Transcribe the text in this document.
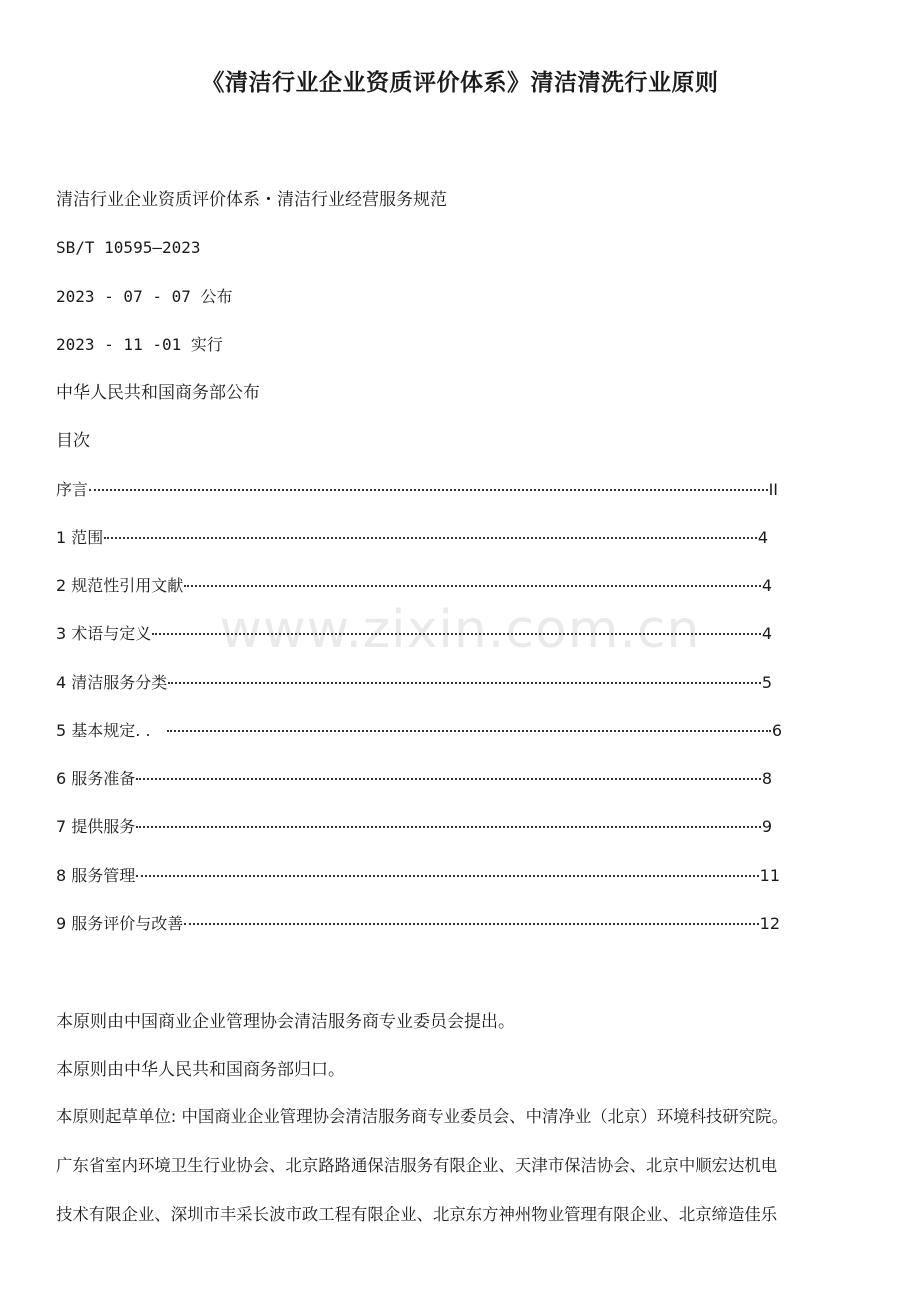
www.zixin.com.cn
《清洁行业企业资质评价体系》清洁清洗行业原则
清洁行业企业资质评价体系・清洁行业经营服务规范
SB/T 10595—2023
2023 - 07 - 07 公布
2023 - 11 -01 实行
中华人民共和国商务部公布
目次
序言	II
1 范围	4
2 规范性引用文献	4
3 术语与定义	4
4 清洁服务分类	5
5 基本规定. .	6
6 服务准备	8
7 提供服务	9
8 服务管理	11
9 服务评价与改善	12
本原则由中国商业企业管理协会清洁服务商专业委员会提出。
本原则由中华人民共和国商务部归口。
本原则起草单位: 中国商业企业管理协会清洁服务商专业委员会、中清净业（北京）环境科技研究院。
广东省室内环境卫生行业协会、北京路路通保洁服务有限企业、天津市保洁协会、北京中顺宏达机电
技术有限企业、深圳市丰采长波市政工程有限企业、北京东方神州物业管理有限企业、北京缔造佳乐
